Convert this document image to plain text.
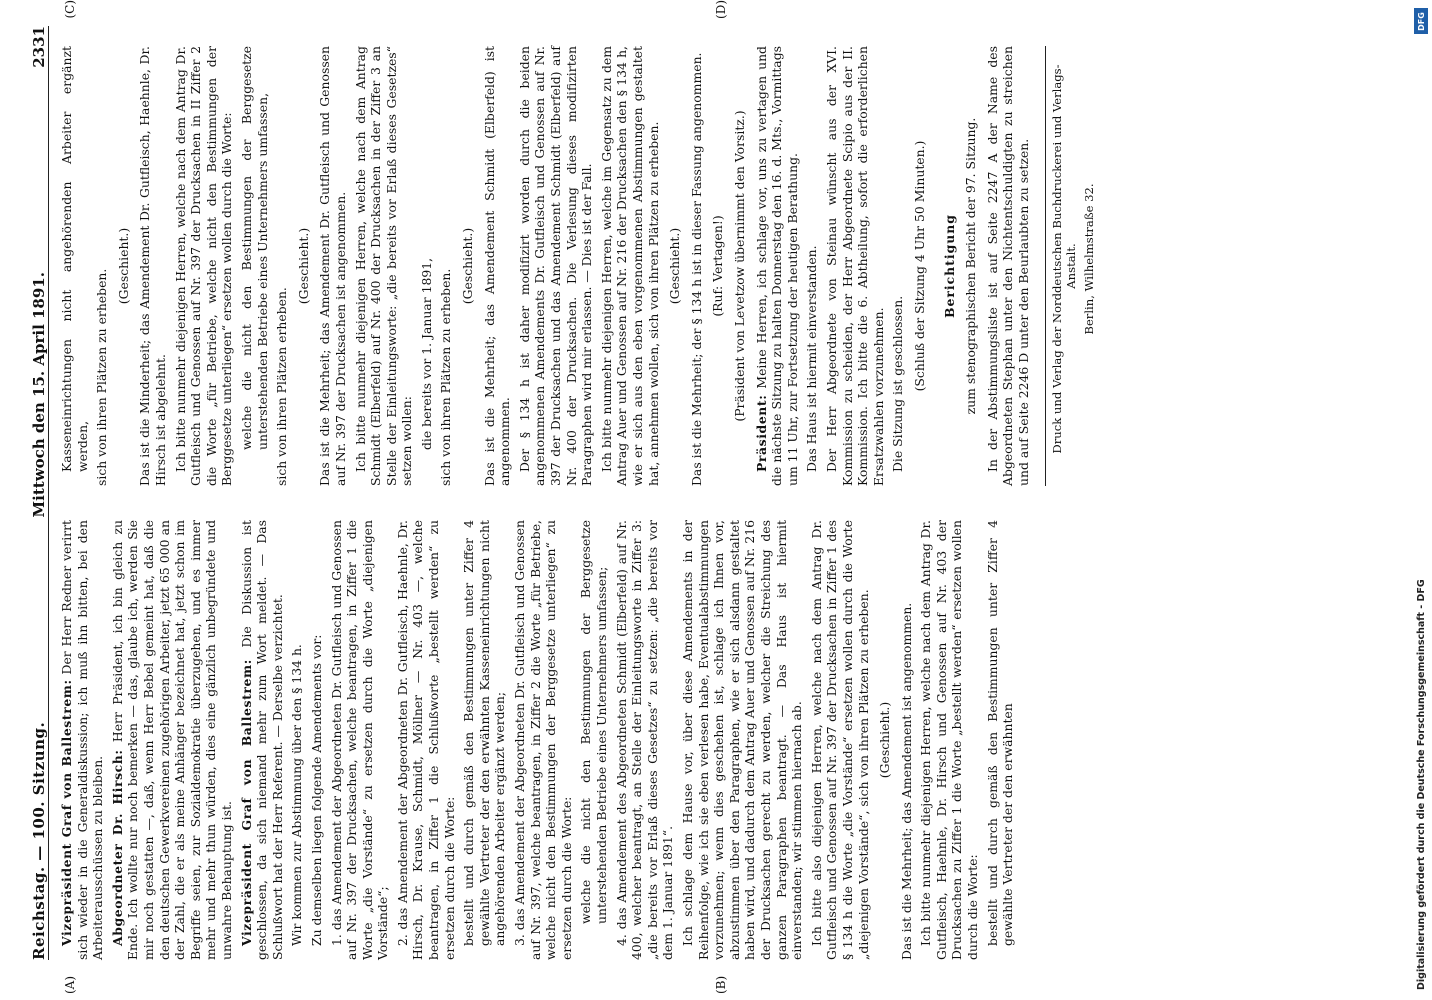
Reichstag. — 100. Sitzung.
Mittwoch den 15. April 1891.
2331
(A)	(B)
(C)	(D)

Vizepräsident Graf von Ballestrem: Der Herr Redner verirrt sich wieder in die Generaldiskussion; ich muß ihn bitten, bei den Arbeiterausschüssen zu bleiben. Abgeordneter Dr. Hirsch: Herr Präsident, ich bin gleich zu Ende. Ich wollte nur noch bemerken — das, glaube ich, werden Sie mir noch gestatten —, daß, wenn Herr Bebel gemeint hat, daß die den deutschen Gewerkvereinen zugehörigen Arbeiter, jetzt 65 000 an der Zahl, die er als meine Anhänger bezeichnet hat, jetzt schon im Begriffe seien, zur Sozialdemokratie überzugehen, und es immer mehr und mehr thun würden, dies eine gänzlich unbegründete und unwahre Behauptung ist. Vizepräsident Graf von Ballestrem: Die Diskussion ist geschlossen, da sich niemand mehr zum Wort meldet. — Das Schlußwort hat der Herr Referent. — Derselbe verzichtet. Wir kommen zur Abstimmung über den § 134 h. Zu demselben liegen folgende Amendements vor: 1. das Amendement der Abgeordneten Dr. Gutfleisch und Genossen auf Nr. 397 der Drucksachen, welche beantragen, in Ziffer 1 die Worte „die Vorstände“ zu ersetzen durch die Worte „diejenigen Vorstände“; 2. das Amendement der Abgeordneten Dr. Gutfleisch, Haehnle, Dr. Hirsch, Dr. Krause, Schmidt, Möllner — Nr. 403 —, welche beantragen, in Ziffer 1 die Schlußworte „bestellt werden“ zu ersetzen durch die Worte: bestellt und durch gemäß den Bestimmungen unter Ziffer 4 gewählte Vertreter der den erwähnten Kasseneinrichtungen nicht angehörenden Arbeiter ergänzt werden; 3. das Amendement der Abgeordneten Dr. Gutfleisch und Genossen auf Nr. 397, welche beantragen, in Ziffer 2 die Worte „für Betriebe, welche nicht den Bestimmungen der Berggesetze unterliegen“ zu ersetzen durch die Worte: welche die nicht den Bestimmungen der Berggesetze unterstehenden Betriebe eines Unternehmers umfassen; 4. das Amendement des Abgeordneten Schmidt (Elberfeld) auf Nr. 400, welcher beantragt, an Stelle der Einleitungsworte in Ziffer 3: „die bereits vor Erlaß dieses Gesetzes“ zu setzen: „die bereits vor dem 1. Januar 1891“. Ich schlage dem Hause vor, über diese Amendements in der Reihenfolge, wie ich sie eben verlesen habe, Eventualabstimmungen vorzunehmen; wenn dies geschehen ist, schlage ich Ihnen vor, abzustimmen über den Paragraphen, wie er sich alsdann gestaltet haben wird, und dadurch dem Antrag Auer und Genossen auf Nr. 216 der Drucksachen gerecht zu werden, welcher die Streichung des ganzen Paragraphen beantragt. — Das Haus ist hiermit einverstanden; wir stimmen hiernach ab. Ich bitte also diejenigen Herren, welche nach dem Antrag Dr. Gutfleisch und Genossen auf Nr. 397 der Drucksachen in Ziffer 1 des § 134 h die Worte „die Vorstände“ ersetzen wollen durch die Worte „diejenigen Vorstände“, sich von ihren Plätzen zu erheben. (Geschieht.) Das ist die Mehrheit; das Amendement ist angenommen. Ich bitte nunmehr diejenigen Herren, welche nach dem Antrag Dr. Gutfleisch, Haehnle, Dr. Hirsch und Genossen auf Nr. 403 der Drucksachen zu Ziffer 1 die Worte „bestellt werden“ ersetzen wollen durch die Worte: bestellt und durch gemäß den Bestimmungen unter Ziffer 4 gewählte Vertreter der den erwähnten

Kasseneinrichtungen nicht angehörenden Arbeiter ergänzt werden, sich von ihren Plätzen zu erheben.

(Geschieht.) Das ist die Minderheit; das Amendement Dr. Gutfleisch, Haehnle, Dr. Hirsch ist abgelehnt. Ich bitte nunmehr diejenigen Herren, welche nach dem Antrag Dr. Gutfleisch und Genossen auf Nr. 397 der Drucksachen in II Ziffer 2 die Worte „für Betriebe, welche nicht den Bestimmungen der Berggesetze unterliegen“ ersetzen wollen durch die Worte: welche die nicht den Bestimmungen der Berggesetze unterstehenden Betriebe eines Unternehmers umfassen, sich von ihren Plätzen erheben.

(Geschieht.) Das ist die Mehrheit; das Amendement Dr. Gutfleisch und Genossen auf Nr. 397 der Drucksachen ist angenommen. Ich bitte nunmehr diejenigen Herren, welche nach dem Antrag Schmidt (Elberfeld) auf Nr. 400 der Drucksachen in der Ziffer 3 an Stelle der Einleitungsworte: „die bereits vor Erlaß dieses Gesetzes“ setzen wollen: die bereits vor 1. Januar 1891, sich von ihren Plätzen zu erheben.

(Geschieht.) Das ist die Mehrheit; das Amendement Schmidt (Elberfeld) ist angenommen. Der § 134 h ist daher modifizirt worden durch die beiden angenommenen Amendements Dr. Gutfleisch und Genossen auf Nr. 397 der Drucksachen und das Amendement Schmidt (Elberfeld) auf Nr. 400 der Drucksachen. Die Verlesung dieses modifizirten Paragraphen wird mir erlassen. — Dies ist der Fall. Ich bitte nunmehr diejenigen Herren, welche im Gegensatz zu dem Antrag Auer und Genossen auf Nr. 216 der Drucksachen den § 134 h, wie er sich aus den eben vorgenommenen Abstimmungen gestaltet hat, annehmen wollen, sich von ihren Plätzen zu erheben. (Geschieht.) Das ist die Mehrheit; der § 134 h ist in dieser Fassung angenommen. (Ruf: Vertagen!) (Präsident von Levetzow übernimmt den Vorsitz.)

Präsident: Meine Herren, ich schlage vor, uns zu vertagen und die nächste Sitzung zu halten Donnerstag den 16. d. Mts., Vormittags um 11 Uhr, zur Fortsetzung der heutigen Berathung. Das Haus ist hiermit einverstanden. Der Herr Abgeordnete von Steinau wünscht aus der XVI. Kommission zu scheiden, der Herr Abgeordnete Scipio aus der II. Kommission. Ich bitte die 6. Abtheilung, sofort die erforderlichen Ersatzwahlen vorzunehmen. Die Sitzung ist geschlossen. (Schluß der Sitzung 4 Uhr 50 Minuten.) Berichtigung zum stenographischen Bericht der 97. Sitzung. In der Abstimmungsliste ist auf Seite 2247 A der Name des Abgeordneten Stephan unter den Nichtentschuldigten zu streichen und auf Seite 2246 D unter den Beurlaubten zu setzen. Druck und Verlag der Norddeutschen Buchdruckerei und Verlags-Anstalt. Berlin, Wilhelmstraße 32.

DFG
Digitalisierung gefördert durch die Deutsche Forschungsgemeinschaft - DFG
